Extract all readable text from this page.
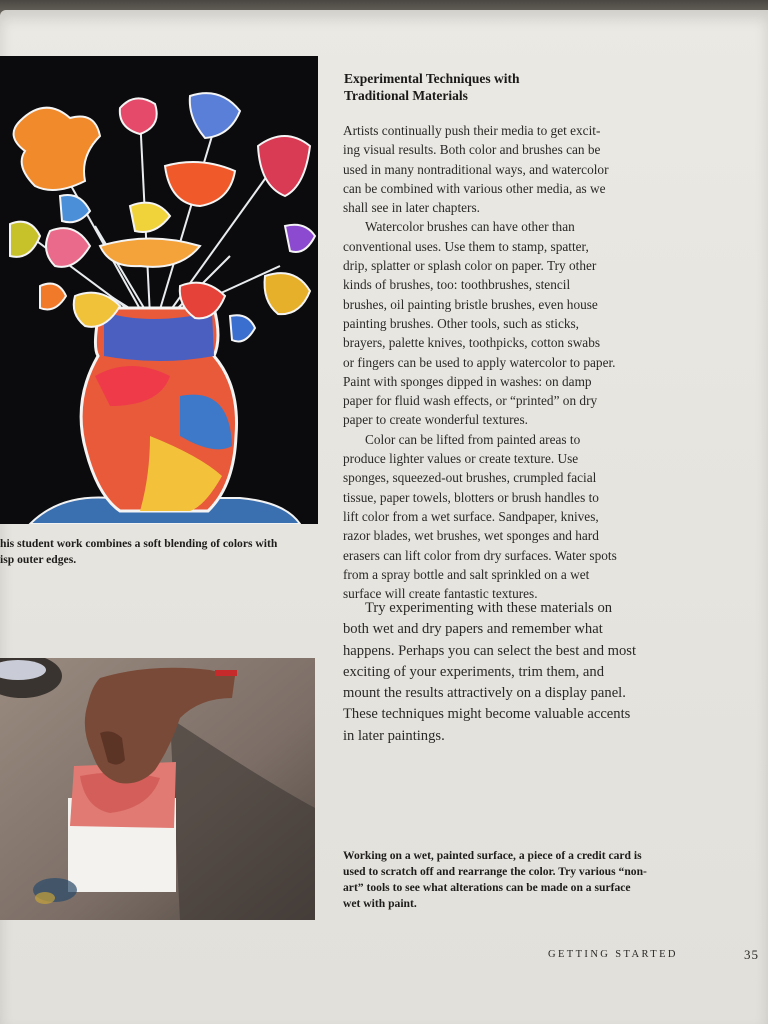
his student work combines a soft blending of colors with
isp outer edges.
Experimental Techniques with
Traditional Materials
Artists continually push their media to get excit-
ing visual results. Both color and brushes can be
used in many nontraditional ways, and watercolor
can be combined with various other media, as we
shall see in later chapters.
Watercolor brushes can have other than
conventional uses. Use them to stamp, spatter,
drip, splatter or splash color on paper. Try other
kinds of brushes, too: toothbrushes, stencil
brushes, oil painting bristle brushes, even house
painting brushes. Other tools, such as sticks,
brayers, palette knives, toothpicks, cotton swabs
or fingers can be used to apply watercolor to paper.
Paint with sponges dipped in washes: on damp
paper for fluid wash effects, or “printed” on dry
paper to create wonderful textures.
Color can be lifted from painted areas to
produce lighter values or create texture. Use
sponges, squeezed-out brushes, crumpled facial
tissue, paper towels, blotters or brush handles to
lift color from a wet surface. Sandpaper, knives,
razor blades, wet brushes, wet sponges and hard
erasers can lift color from dry surfaces. Water spots
from a spray bottle and salt sprinkled on a wet
surface will create fantastic textures.
Try experimenting with these materials on
both wet and dry papers and remember what
happens. Perhaps you can select the best and most
exciting of your experiments, trim them, and
mount the results attractively on a display panel.
These techniques might become valuable accents
in later paintings.
Working on a wet, painted surface, a piece of a credit card is
used to scratch off and rearrange the color. Try various “non-
art” tools to see what alterations can be made on a surface
wet with paint.
GETTING STARTED	35
